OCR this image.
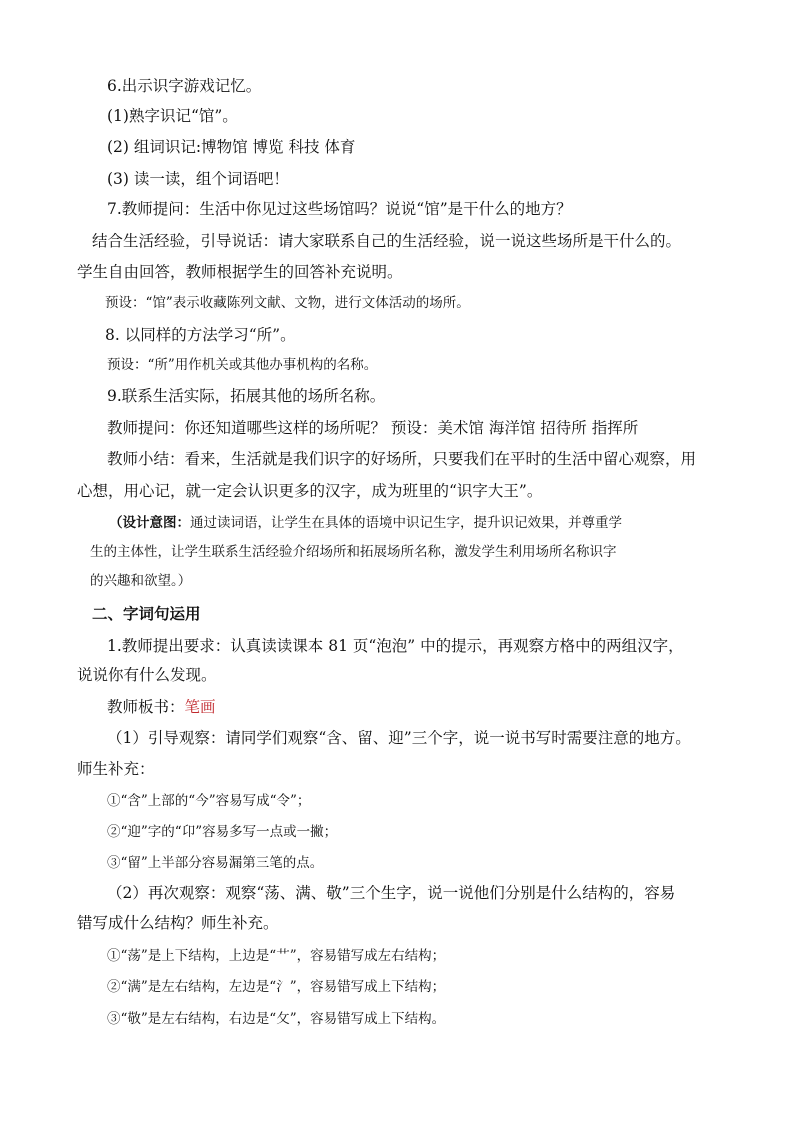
6.出示识字游戏记忆。

(1)熟字识记“馆”。

(2) 组词识记:博物馆 博览 科技 体育

(3) 读一读，组个词语吧！

7.教师提问：生活中你见过这些场馆吗？说说“馆”是干什么的地方？

结合生活经验，引导说话：请大家联系自己的生活经验，说一说这些场所是干什么的。

学生自由回答，教师根据学生的回答补充说明。

预设：“馆”表示收藏陈列文献、文物，进行文体活动的场所。

8. 以同样的方法学习“所”。

预设：“所”用作机关或其他办事机构的名称。

9.联系生活实际，拓展其他的场所名称。

教师提问：你还知道哪些这样的场所呢？ 预设：美术馆 海洋馆 招待所 指挥所

教师小结：看来，生活就是我们识字的好场所，只要我们在平时的生活中留心观察，用

心想，用心记，就一定会认识更多的汉字，成为班里的“识字大王”。

（设计意图：通过读词语，让学生在具体的语境中识记生字，提升识记效果，并尊重学

生的主体性，让学生联系生活经验介绍场所和拓展场所名称，激发学生利用场所名称识字

的兴趣和欲望。）

二、字词句运用

1.教师提出要求：认真读读课本 81 页“泡泡” 中的提示，再观察方格中的两组汉字，

说说你有什么发现。

教师板书：笔画

（1）引导观察：请同学们观察“含、留、迎”三个字，说一说书写时需要注意的地方。

师生补充：

①“含”上部的“今”容易写成“令”；

②“迎”字的“卬”容易多写一点或一撇；

③“留”上半部分容易漏第三笔的点。

（2）再次观察：观察“荡、满、敬”三个生字，说一说他们分别是什么结构的，容易

错写成什么结构？师生补充。

①“荡”是上下结构，上边是“艹”，容易错写成左右结构；

②“满”是左右结构，左边是“氵”，容易错写成上下结构；

③“敬”是左右结构，右边是“攵”，容易错写成上下结构。
